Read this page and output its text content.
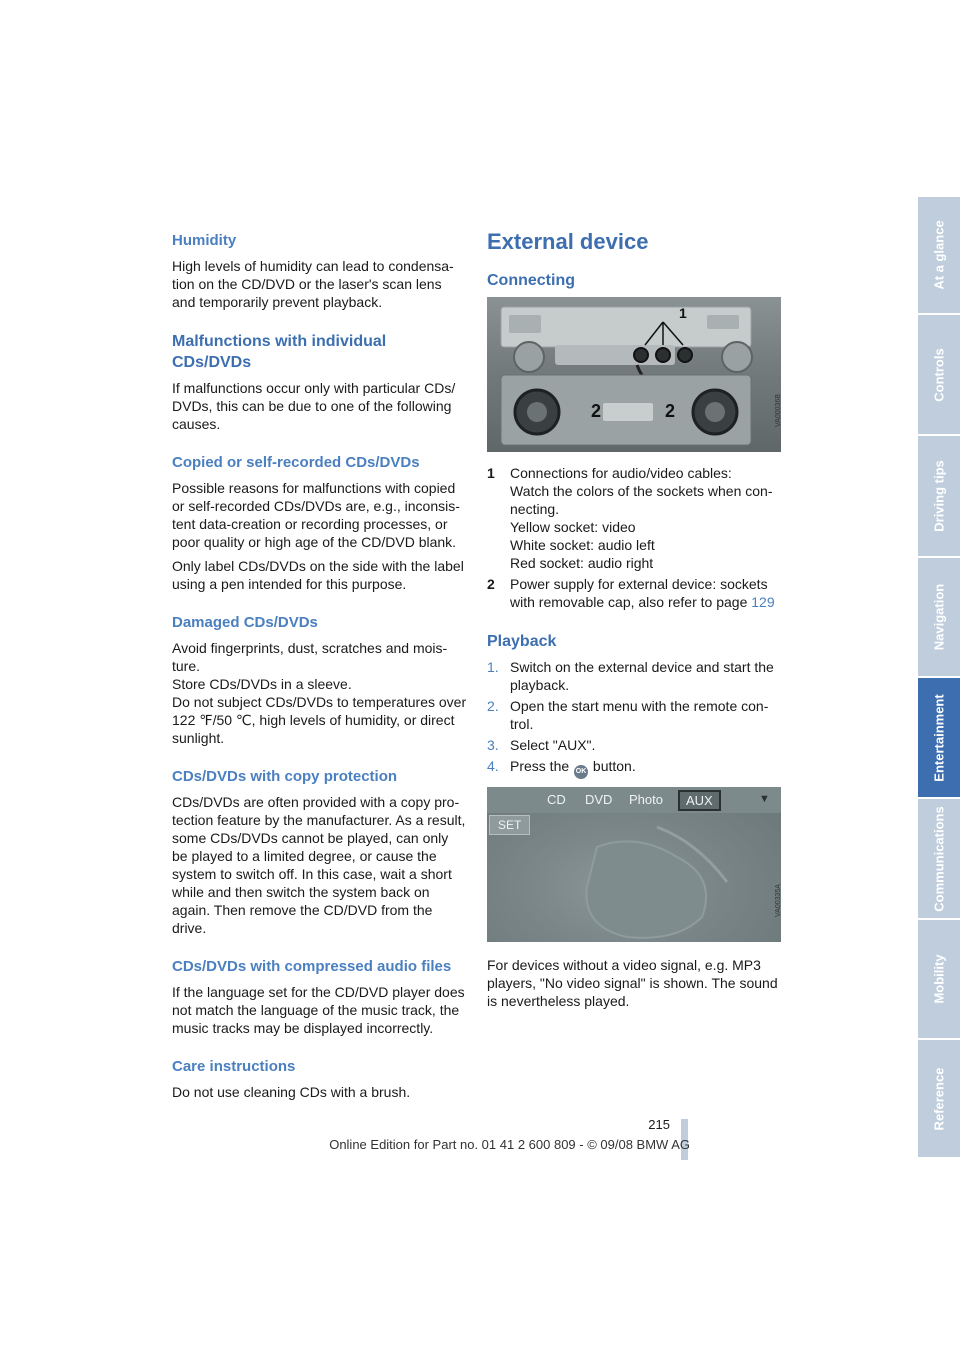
Humidity

High levels of humidity can lead to condensa-tion on the CD/DVD or the laser's scan lens and temporarily prevent playback.

Malfunctions with individual CDs/DVDs

If malfunctions occur only with particular CDs/ DVDs, this can be due to one of the following causes.

Copied or self-recorded CDs/DVDs

Possible reasons for malfunctions with copied or self-recorded CDs/DVDs are, e.g., inconsis-tent data-creation or recording processes, or poor quality or high age of the CD/DVD blank.

Only label CDs/DVDs on the side with the label using a pen intended for this purpose.

Damaged CDs/DVDs

Avoid fingerprints, dust, scratches and mois-ture.

Store CDs/DVDs in a sleeve.

Do not subject CDs/DVDs to temperatures over 122 ℉/50 ℃, high levels of humidity, or direct sunlight.

CDs/DVDs with copy protection

CDs/DVDs are often provided with a copy pro-tection feature by the manufacturer. As a result, some CDs/DVDs cannot be played, can only be played to a limited degree, or cause the system to switch off. In this case, wait a short while and then switch the system back on again. Then remove the CD/DVD from the drive.

CDs/DVDs with compressed audio files

If the language set for the CD/DVD player does not match the language of the music track, the music tracks may be displayed incorrectly.

Care instructions

Do not use cleaning CDs with a brush.

External device
Connecting
1
2	2	VA00036B
1	Connections for audio/video cables:
Watch the colors of the sockets when con-necting.
Yellow socket: video
White socket: audio left
Red socket: audio right
2	Power supply for external device: sockets with removable cap, also refer to page 129
Playback
1. Switch on the external device and start the playback.
2. Open the start menu with the remote con-trol.
3. Select "AUX".
4. Press the OK button.
CD DVD Photo	AUX	▼
SET
VA00335A

For devices without a video signal, e.g. MP3 players, "No video signal" is shown. The sound is nevertheless played.

At a glance
Controls
Driving tips
Navigation
Entertainment
Communications
Mobility
Reference
215
Online Edition for Part no. 01 41 2 600 809 - © 09/08 BMW AG
